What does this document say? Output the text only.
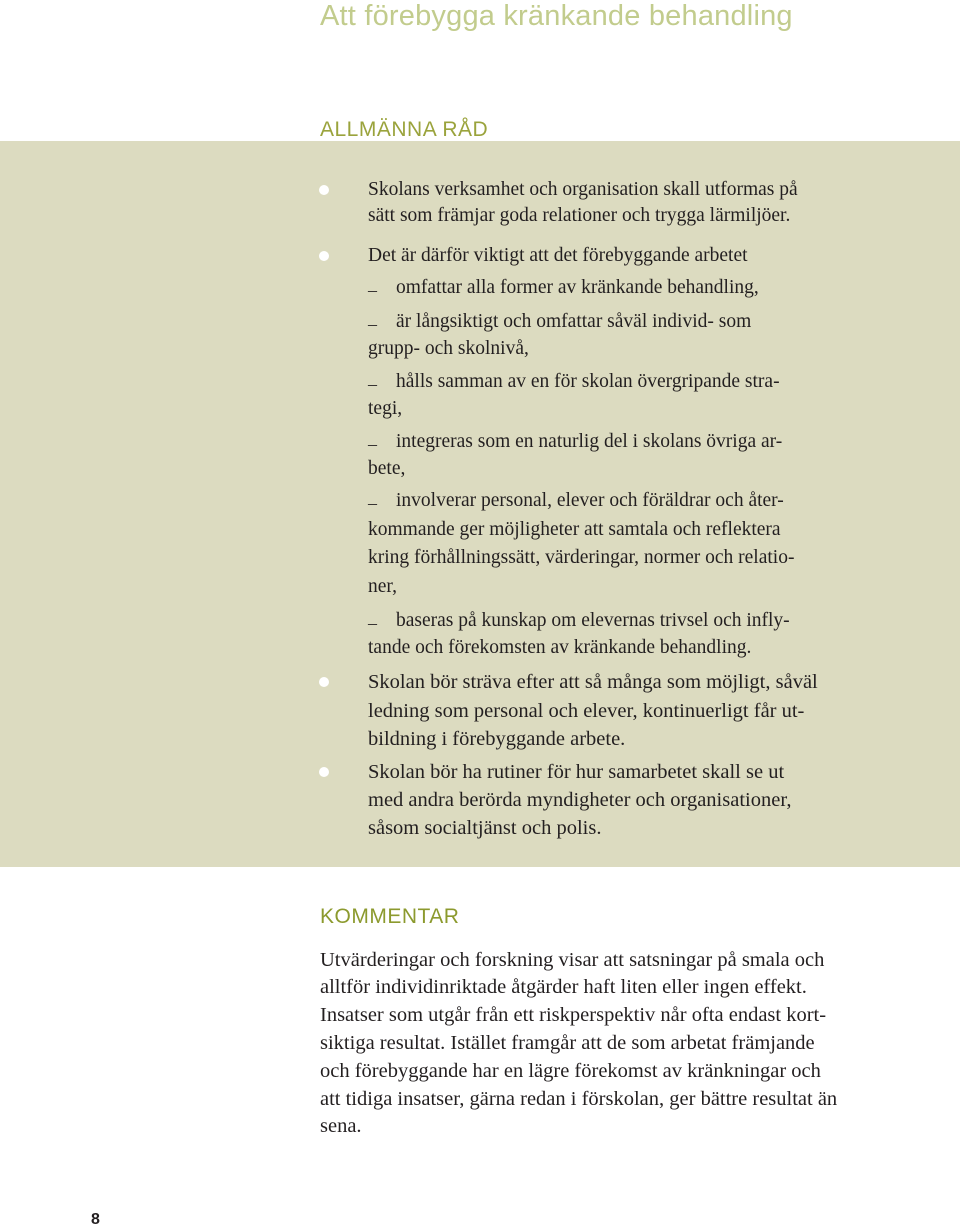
Att förebygga kränkande behandling
ALLMÄNNA RÅD
Skolans verksamhet och organisation skall utformas på
sätt som främjar goda relationer och trygga lärmiljöer.
Det är därför viktigt att det förebyggande arbetet
– omfattar alla former av kränkande behandling,
– är långsiktigt och omfattar såväl individ- som
grupp- och skolnivå,
– hålls samman av en för skolan övergripande stra-
tegi,
– integreras som en naturlig del i skolans övriga ar-
bete,
– involverar personal, elever och föräldrar och åter-
kommande ger möjligheter att samtala och reflektera
kring förhållningssätt, värderingar, normer och relatio-
ner,
– baseras på kunskap om elevernas trivsel och infly-
tande och förekomsten av kränkande behandling.
Skolan bör sträva efter att så många som möjligt, såväl
ledning som personal och elever, kontinuerligt får ut-
bildning i förebyggande arbete.
Skolan bör ha rutiner för hur samarbetet skall se ut
med andra berörda myndigheter och organisationer,
såsom socialtjänst och polis.
KOMMENTAR
Utvärderingar och forskning visar att satsningar på smala och
alltför individinriktade åtgärder haft liten eller ingen effekt.
Insatser som utgår från ett riskperspektiv når ofta endast kort-
siktiga resultat. Istället framgår att de som arbetat främjande
och förebyggande har en lägre förekomst av kränkningar och
att tidiga insatser, gärna redan i förskolan, ger bättre resultat än
sena.
8
